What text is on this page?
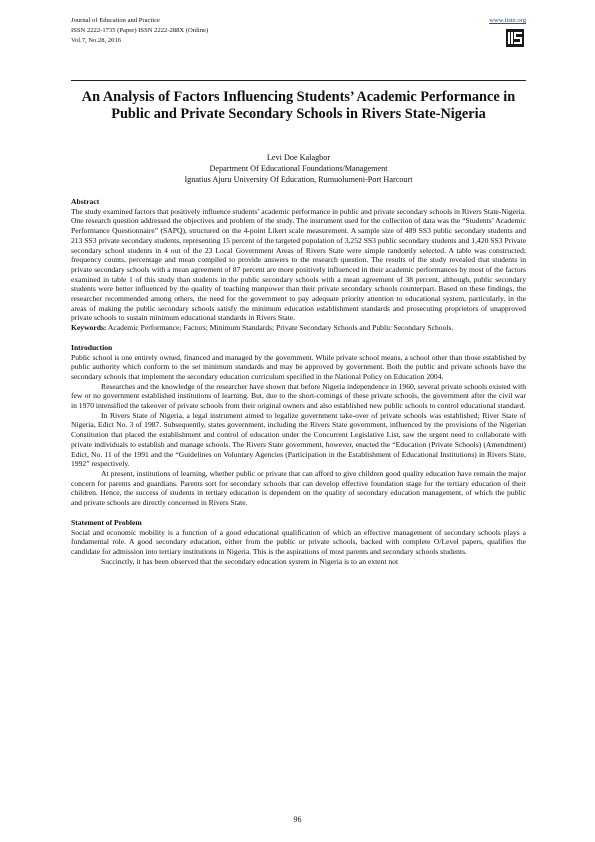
Journal of Education and Practice
ISSN 2222-1735 (Paper) ISSN 2222-288X (Online)
Vol.7, No.28, 2016
www.iiste.org
An Analysis of Factors Influencing Students’ Academic Performance in Public and Private Secondary Schools in Rivers State-Nigeria
Levi Doe Kalagbor
Department Of Educational Foundations/Management
Ignatius Ajuru University Of Education, Rumuolumeni-Port Harcourt

Abstract

The study examined factors that positively influence students’ academic performance in public and private secondary schools in Rivers State-Nigeria. One research question addressed the objectives and problem of the study. The instrument used for the collection of data was the “Students’ Academic Performance Questionnaire” (SAPQ), structured on the 4-point Likert scale measurement. A sample size of 489 SS3 public secondary students and 213 SS3 private secondary students, representing 15 percent of the targeted population of 3,252 SS3 public secondary students and 1,420 SS3 Private secondary school students in 4 out of the 23 Local Government Areas of Rivers State were simple randomly selected. A table was constructed; frequency counts, percentage and mean compiled to provide answers to the research question. The results of the study revealed that students in private secondary schools with a mean agreement of 87 percent are more positively influenced in their academic performances by most of the factors examined in table 1 of this study than students in the public secondary schools with a mean agreement of 38 percent, although, public secondary students were better influenced by the quality of teaching manpower than their private secondary schools counterpart. Based on these findings, the researcher recommended among others, the need for the government to pay adequate priority attention to educational system, particularly, in the areas of making the public secondary schools satisfy the minimum education establishment standards and prosecuting proprietors of unapproved private schools to sustain minimum educational standards in Rivers State.

Keywords: Academic Performance; Factors; Minimum Standards; Private Secondary Schools and Public Secondary Schools.

Introduction

Public school is one entirely owned, financed and managed by the government. While private school means, a school other than those established by public authority which conform to the set minimum standards and may be approved by government. Both the public and private schools have the secondary schools that implement the secondary education curriculum specified in the National Policy on Education 2004.

Researches and the knowledge of the researcher have shown that before Nigeria independence in 1960, several private schools existed with few or no government established institutions of learning. But, due to the short-comings of these private schools, the government after the civil war in 1970 intensified the takeover of private schools from their original owners and also established new public schools to control educational standard.

In Rivers State of Nigeria, a legal instrument aimed to legalize government take-over of private schools was established; River State of Nigeria, Edict No. 3 of 1987. Subsequently, states government, including the Rivers State government, influenced by the provisions of the Nigerian Constitution that placed the establishment and control of education under the Concurrent Legislative List, saw the urgent need to collaborate with private individuals to establish and manage schools. The Rivers State government, however, enacted the “Education (Private Schools) (Amendment) Edict, No. 11 of the 1991 and the “Guidelines on Voluntary Agencies (Participation in the Establishment of Educational Institutions) in Rivers State, 1992” respectively.

At present, institutions of learning, whether public or private that can afford to give children good quality education have remain the major concern for parents and guardians. Parents sort for secondary schools that can develop effective foundation stage for the tertiary education of their children. Hence, the success of students in tertiary education is dependent on the quality of secondary education management, of which the public and private schools are directly concerned in Rivers State.

Statement of Problem

Social and economic mobility is a function of a good educational qualification of which an effective management of secondary schools plays a fundamental role. A good secondary education, either from the public or private schools, backed with complete O/Level papers, qualifies the candidate for admission into tertiary institutions in Nigeria. This is the aspirations of most parents and secondary schools students.

Succinctly, it has been observed that the secondary education system in Nigeria is to an extent not

96
